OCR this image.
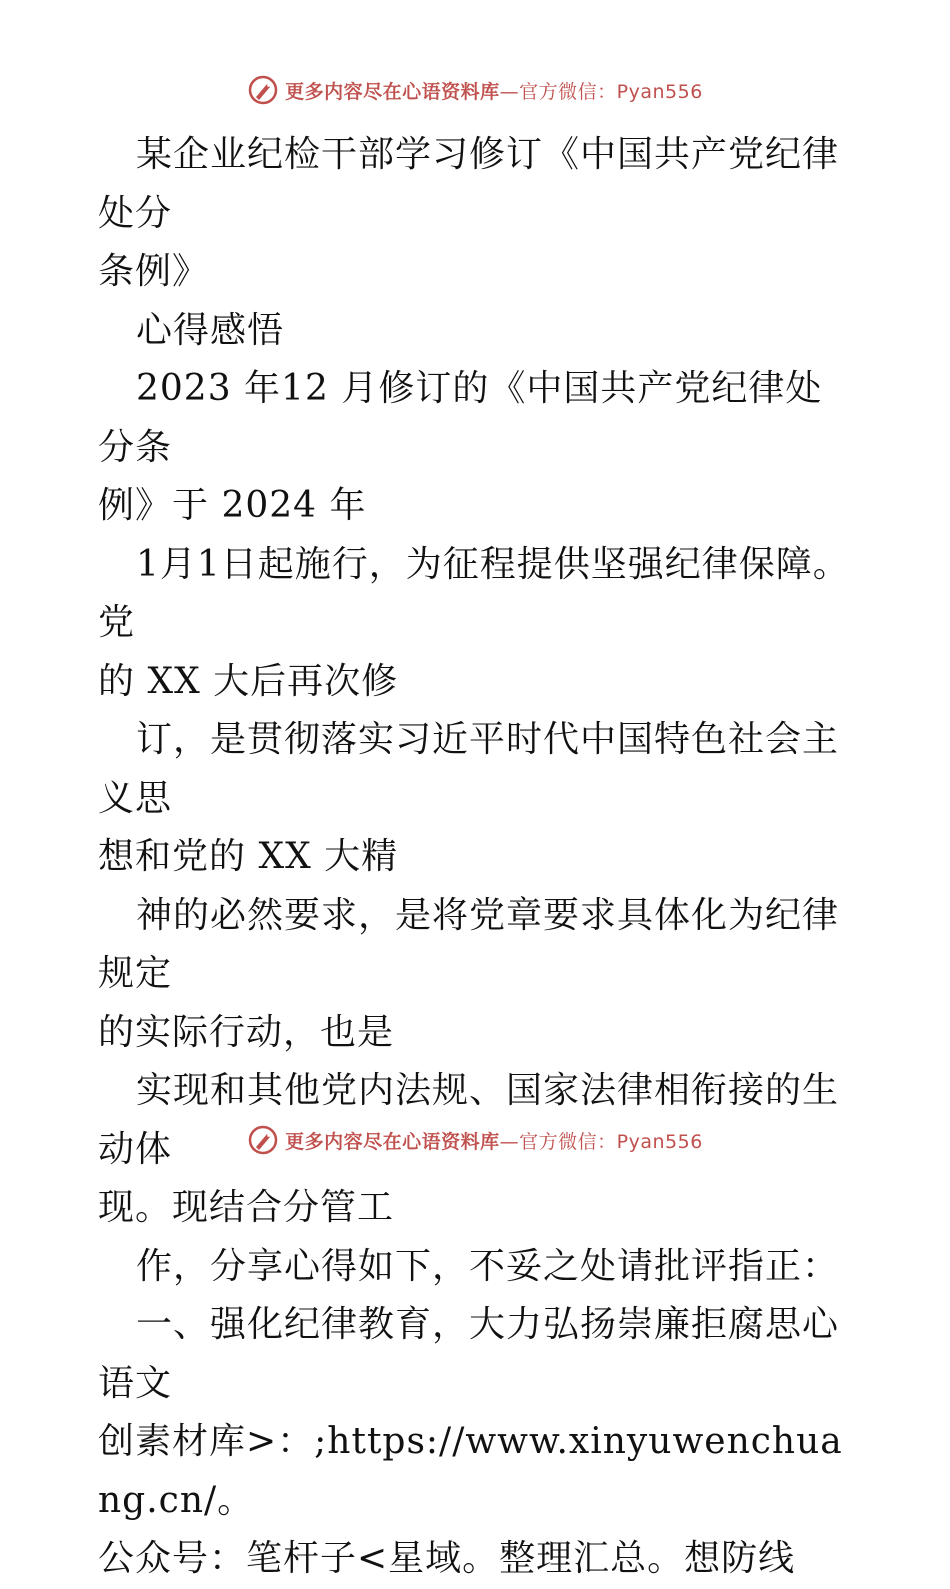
更多内容尽在心语资料库—官方微信：Pyan556

某企业纪检干部学习修订《中国共产党纪律处分
条例》

心得感悟

2023 年12 月修订的《中国共产党纪律处分条
例》于 2024 年

1月1日起施行，为征程提供坚强纪律保障。党
的 XX 大后再次修

订，是贯彻落实习近平时代中国特色社会主义思
想和党的 XX 大精

神的必然要求，是将党章要求具体化为纪律规定
的实际行动，也是

实现和其他党内法规、国家法律相衔接的生动体
现。现结合分管工

作，分享心得如下，不妥之处请批评指正：

一、强化纪律教育，大力弘扬崇廉拒腐思心语文
创素材库>：;https://www.xinyuwenchuang.cn/。
公众号：笔杆子<星域。整理汇总。想防线

更多内容尽在心语资料库—官方微信：Pyan556
